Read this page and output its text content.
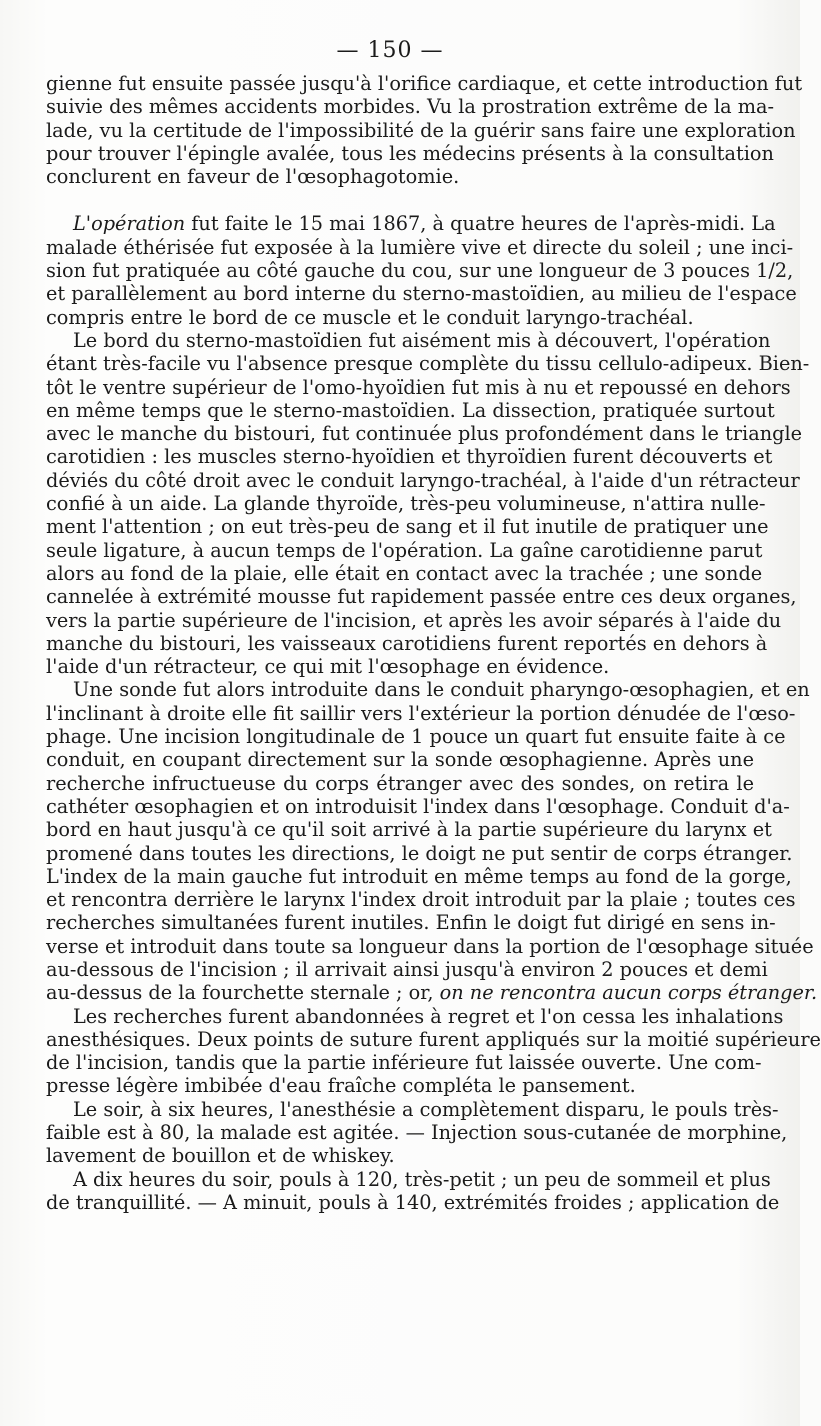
— 150 —
gienne fut ensuite passée jusqu'à l'orifice cardiaque, et cette introduction fut
suivie des mêmes accidents morbides. Vu la prostration extrême de la ma-
lade, vu la certitude de l'impossibilité de la guérir sans faire une exploration
pour trouver l'épingle avalée, tous les médecins présents à la consultation
conclurent en faveur de l'œsophagotomie.
L'opération fut faite le 15 mai 1867, à quatre heures de l'après-midi. La
malade éthérisée fut exposée à la lumière vive et directe du soleil ; une inci-
sion fut pratiquée au côté gauche du cou, sur une longueur de 3 pouces 1/2,
et parallèlement au bord interne du sterno-mastoïdien, au milieu de l'espace
compris entre le bord de ce muscle et le conduit laryngo-trachéal.
Le bord du sterno-mastoïdien fut aisément mis à découvert, l'opération
étant très-facile vu l'absence presque complète du tissu cellulo-adipeux. Bien-
tôt le ventre supérieur de l'omo-hyoïdien fut mis à nu et repoussé en dehors
en même temps que le sterno-mastoïdien. La dissection, pratiquée surtout
avec le manche du bistouri, fut continuée plus profondément dans le triangle
carotidien : les muscles sterno-hyoïdien et thyroïdien furent découverts et
déviés du côté droit avec le conduit laryngo-trachéal, à l'aide d'un rétracteur
confié à un aide. La glande thyroïde, très-peu volumineuse, n'attira nulle-
ment l'attention ; on eut très-peu de sang et il fut inutile de pratiquer une
seule ligature, à aucun temps de l'opération. La gaîne carotidienne parut
alors au fond de la plaie, elle était en contact avec la trachée ; une sonde
cannelée à extrémité mousse fut rapidement passée entre ces deux organes,
vers la partie supérieure de l'incision, et après les avoir séparés à l'aide du
manche du bistouri, les vaisseaux carotidiens furent reportés en dehors à
l'aide d'un rétracteur, ce qui mit l'œsophage en évidence.
Une sonde fut alors introduite dans le conduit pharyngo-œsophagien, et en
l'inclinant à droite elle fit saillir vers l'extérieur la portion dénudée de l'œso-
phage. Une incision longitudinale de 1 pouce un quart fut ensuite faite à ce
conduit, en coupant directement sur la sonde œsophagienne. Après une
recherche infructueuse du corps étranger avec des sondes, on retira le
cathéter œsophagien et on introduisit l'index dans l'œsophage. Conduit d'a-
bord en haut jusqu'à ce qu'il soit arrivé à la partie supérieure du larynx et
promené dans toutes les directions, le doigt ne put sentir de corps étranger.
L'index de la main gauche fut introduit en même temps au fond de la gorge,
et rencontra derrière le larynx l'index droit introduit par la plaie ; toutes ces
recherches simultanées furent inutiles. Enfin le doigt fut dirigé en sens in-
verse et introduit dans toute sa longueur dans la portion de l'œsophage située
au-dessous de l'incision ; il arrivait ainsi jusqu'à environ 2 pouces et demi
au-dessus de la fourchette sternale ; or, on ne rencontra aucun corps étranger.
Les recherches furent abandonnées à regret et l'on cessa les inhalations
anesthésiques. Deux points de suture furent appliqués sur la moitié supérieure
de l'incision, tandis que la partie inférieure fut laissée ouverte. Une com-
presse légère imbibée d'eau fraîche compléta le pansement.
Le soir, à six heures, l'anesthésie a complètement disparu, le pouls très-
faible est à 80, la malade est agitée. — Injection sous-cutanée de morphine,
lavement de bouillon et de whiskey.
A dix heures du soir, pouls à 120, très-petit ; un peu de sommeil et plus
de tranquillité. — A minuit, pouls à 140, extrémités froides ; application de
